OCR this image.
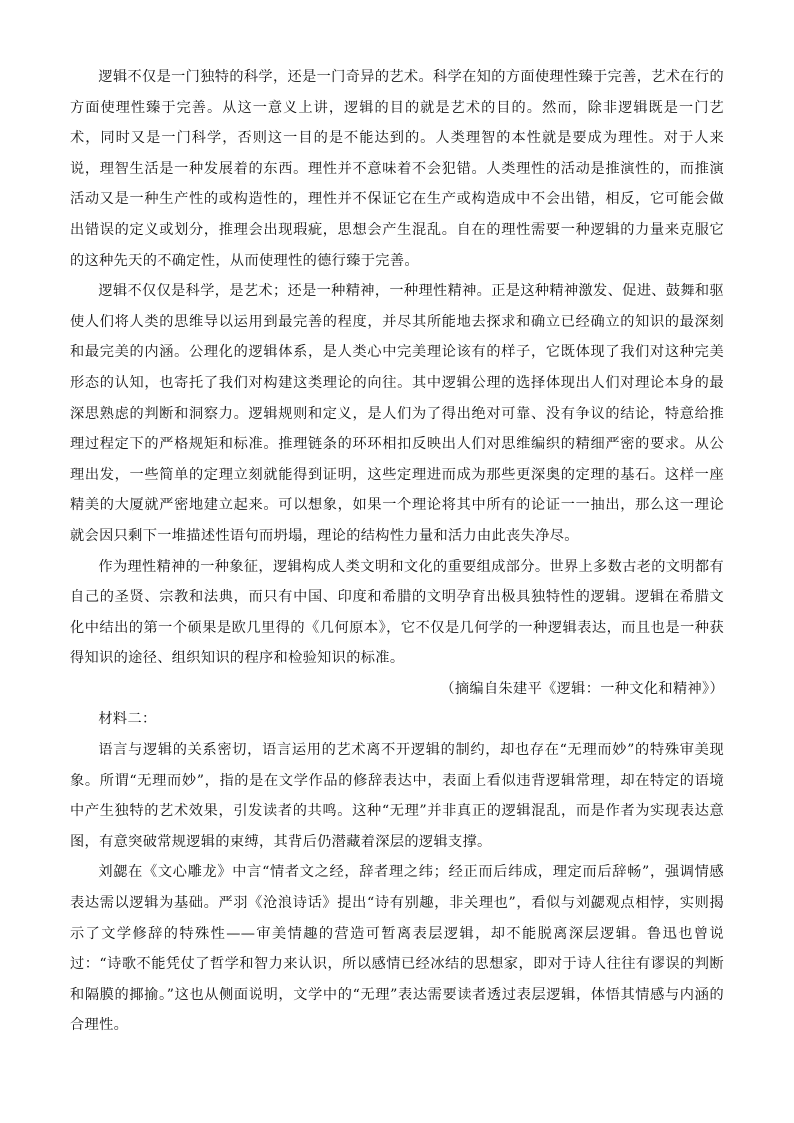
逻辑不仅是一门独特的科学，还是一门奇异的艺术。科学在知的方面使理性臻于完善，艺术在行的方面使理性臻于完善。从这一意义上讲，逻辑的目的就是艺术的目的。然而，除非逻辑既是一门艺术，同时又是一门科学，否则这一目的是不能达到的。人类理智的本性就是要成为理性。对于人来说，理智生活是一种发展着的东西。理性并不意味着不会犯错。人类理性的活动是推演性的，而推演活动又是一种生产性的或构造性的，理性并不保证它在生产或构造成中不会出错，相反，它可能会做出错误的定义或划分，推理会出现瑕疵，思想会产生混乱。自在的理性需要一种逻辑的力量来克服它的这种先天的不确定性，从而使理性的德行臻于完善。

逻辑不仅仅是科学，是艺术；还是一种精神，一种理性精神。正是这种精神激发、促进、鼓舞和驱使人们将人类的思维导以运用到最完善的程度，并尽其所能地去探求和确立已经确立的知识的最深刻和最完美的内涵。公理化的逻辑体系，是人类心中完美理论该有的样子，它既体现了我们对这种完美形态的认知，也寄托了我们对构建这类理论的向往。其中逻辑公理的选择体现出人们对理论本身的最深思熟虑的判断和洞察力。逻辑规则和定义，是人们为了得出绝对可靠、没有争议的结论，特意给推理过程定下的严格规矩和标准。推理链条的环环相扣反映出人们对思维编织的精细严密的要求。从公理出发，一些简单的定理立刻就能得到证明，这些定理进而成为那些更深奥的定理的基石。这样一座精美的大厦就严密地建立起来。可以想象，如果一个理论将其中所有的论证一一抽出，那么这一理论就会因只剩下一堆描述性语句而坍塌，理论的结构性力量和活力由此丧失净尽。

作为理性精神的一种象征，逻辑构成人类文明和文化的重要组成部分。世界上多数古老的文明都有自己的圣贤、宗教和法典，而只有中国、印度和希腊的文明孕育出极具独特性的逻辑。逻辑在希腊文化中结出的第一个硕果是欧几里得的《几何原本》，它不仅是几何学的一种逻辑表达，而且也是一种获得知识的途径、组织知识的程序和检验知识的标准。

（摘编自朱建平《逻辑：一种文化和精神》）

材料二：

语言与逻辑的关系密切，语言运用的艺术离不开逻辑的制约，却也存在“无理而妙”的特殊审美现象。所谓“无理而妙”，指的是在文学作品的修辞表达中，表面上看似违背逻辑常理，却在特定的语境中产生独特的艺术效果，引发读者的共鸣。这种“无理”并非真正的逻辑混乱，而是作者为实现表达意图，有意突破常规逻辑的束缚，其背后仍潜藏着深层的逻辑支撑。

刘勰在《文心雕龙》中言“情者文之经，辞者理之纬；经正而后纬成，理定而后辞畅”，强调情感表达需以逻辑为基础。严羽《沧浪诗话》提出“诗有别趣，非关理也”，看似与刘勰观点相悖，实则揭示了文学修辞的特殊性——审美情趣的营造可暂离表层逻辑，却不能脱离深层逻辑。鲁迅也曾说过：“诗歌不能凭仗了哲学和智力来认识，所以感情已经冰结的思想家，即对于诗人往往有谬误的判断和隔膜的揶揄。”这也从侧面说明，文学中的“无理”表达需要读者透过表层逻辑，体悟其情感与内涵的合理性。
